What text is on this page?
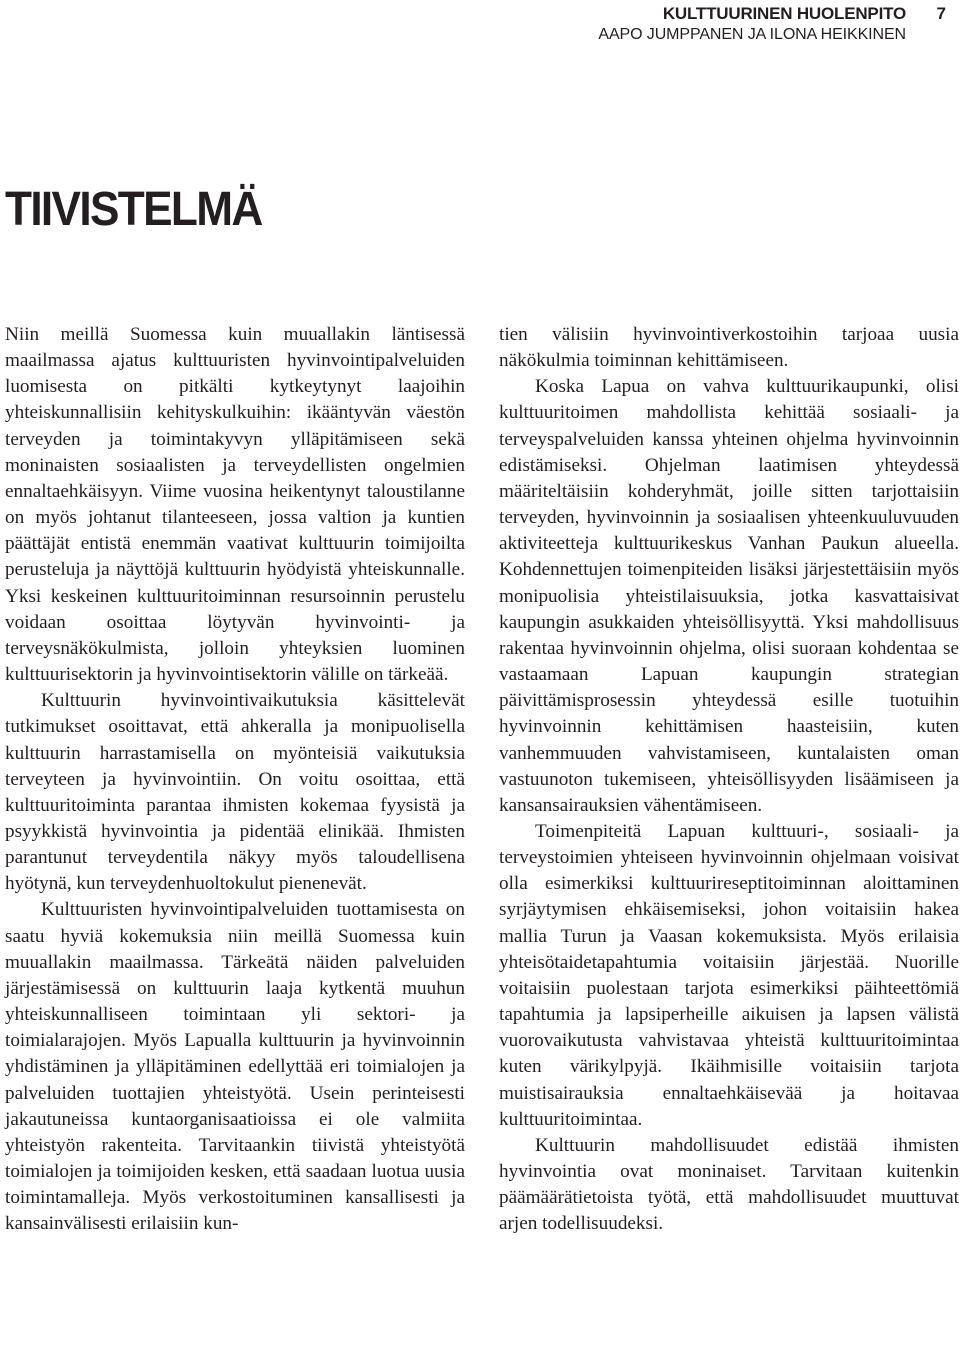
KULTTUURINEN HUOLENPITO	7
AAPO JUMPPANEN JA ILONA HEIKKINEN
TIIVISTELMÄ

Niin meillä Suomessa kuin muuallakin läntisessä maailmassa ajatus kulttuuristen hyvinvointipalveluiden luomisesta on pitkälti kytkeytynyt laajoihin yhteiskunnallisiin kehityskulkuihin: ikääntyvän väestön terveyden ja toimintakyvyn ylläpitämiseen sekä moninaisten sosiaalisten ja terveydellisten ongelmien ennaltaehkäisyyn. Viime vuosina heikentynyt taloustilanne on myös johtanut tilanteeseen, jossa valtion ja kuntien päättäjät entistä enemmän vaativat kulttuurin toimijoilta perusteluja ja näyttöjä kulttuurin hyödyistä yhteiskunnalle. Yksi keskeinen kulttuuritoiminnan resursoinnin perustelu voidaan osoittaa löytyvän hyvinvointi- ja terveysnäkökulmista, jolloin yhteyksien luominen kulttuurisektorin ja hyvinvointisektorin välille on tärkeää.

Kulttuurin hyvinvointivaikutuksia käsittelevät tutkimukset osoittavat, että ahkeralla ja monipuolisella kulttuurin harrastamisella on myönteisiä vaikutuksia terveyteen ja hyvinvointiin. On voitu osoittaa, että kulttuuritoiminta parantaa ihmisten kokemaa fyysistä ja psyykkistä hyvinvointia ja pidentää elinikää. Ihmisten parantunut terveydentila näkyy myös taloudellisena hyötynä, kun terveydenhuoltokulut pienenevät.

Kulttuuristen hyvinvointipalveluiden tuottamisesta on saatu hyviä kokemuksia niin meillä Suomessa kuin muuallakin maailmassa. Tärkeätä näiden palveluiden järjestämisessä on kulttuurin laaja kytkentä muuhun yhteiskunnalliseen toimintaan yli sektori- ja toimialarajojen. Myös Lapualla kulttuurin ja hyvinvoinnin yhdistäminen ja ylläpitäminen edellyttää eri toimialojen ja palveluiden tuottajien yhteistyötä. Usein perinteisesti jakautuneissa kuntaorganisaatioissa ei ole valmiita yhteistyön rakenteita. Tarvitaankin tiivistä yhteistyötä toimialojen ja toimijoiden kesken, että saadaan luotua uusia toimintamalleja. Myös verkostoituminen kansallisesti ja kansainvälisesti erilaisiin kun-

tien välisiin hyvinvointiverkostoihin tarjoaa uusia näkökulmia toiminnan kehittämiseen.

Koska Lapua on vahva kulttuurikaupunki, olisi kulttuuritoimen mahdollista kehittää sosiaali- ja terveyspalveluiden kanssa yhteinen ohjelma hyvinvoinnin edistämiseksi. Ohjelman laatimisen yhteydessä määriteltäisiin kohderyhmät, joille sitten tarjottaisiin terveyden, hyvinvoinnin ja sosiaalisen yhteenkuuluvuuden aktiviteetteja kulttuurikeskus Vanhan Paukun alueella. Kohdennettujen toimenpiteiden lisäksi järjestettäisiin myös monipuolisia yhteistilaisuuksia, jotka kasvattaisivat kaupungin asukkaiden yhteisöllisyyttä. Yksi mahdollisuus rakentaa hyvinvoinnin ohjelma, olisi suoraan kohdentaa se vastaamaan Lapuan kaupungin strategian päivittämisprosessin yhteydessä esille tuotuihin hyvinvoinnin kehittämisen haasteisiin, kuten vanhemmuuden vahvistamiseen, kuntalaisten oman vastuunoton tukemiseen, yhteisöllisyyden lisäämiseen ja kansansairauksien vähentämiseen.

Toimenpiteitä Lapuan kulttuuri-, sosiaali- ja terveystoimien yhteiseen hyvinvoinnin ohjelmaan voisivat olla esimerkiksi kulttuurireseptitoiminnan aloittaminen syrjäytymisen ehkäisemiseksi, johon voitaisiin hakea mallia Turun ja Vaasan kokemuksista. Myös erilaisia yhteisötaidetapahtumia voitaisiin järjestää. Nuorille voitaisiin puolestaan tarjota esimerkiksi päihteettömiä tapahtumia ja lapsiperheille aikuisen ja lapsen välistä vuorovaikutusta vahvistavaa yhteistä kulttuuritoimintaa kuten värikylpyjä. Ikäihmisille voitaisiin tarjota muistisairauksia ennaltaehkäisevää ja hoitavaa kulttuuritoimintaa.

Kulttuurin mahdollisuudet edistää ihmisten hyvinvointia ovat moninaiset. Tarvitaan kuitenkin päämäärätietoista työtä, että mahdollisuudet muuttuvat arjen todellisuudeksi.
